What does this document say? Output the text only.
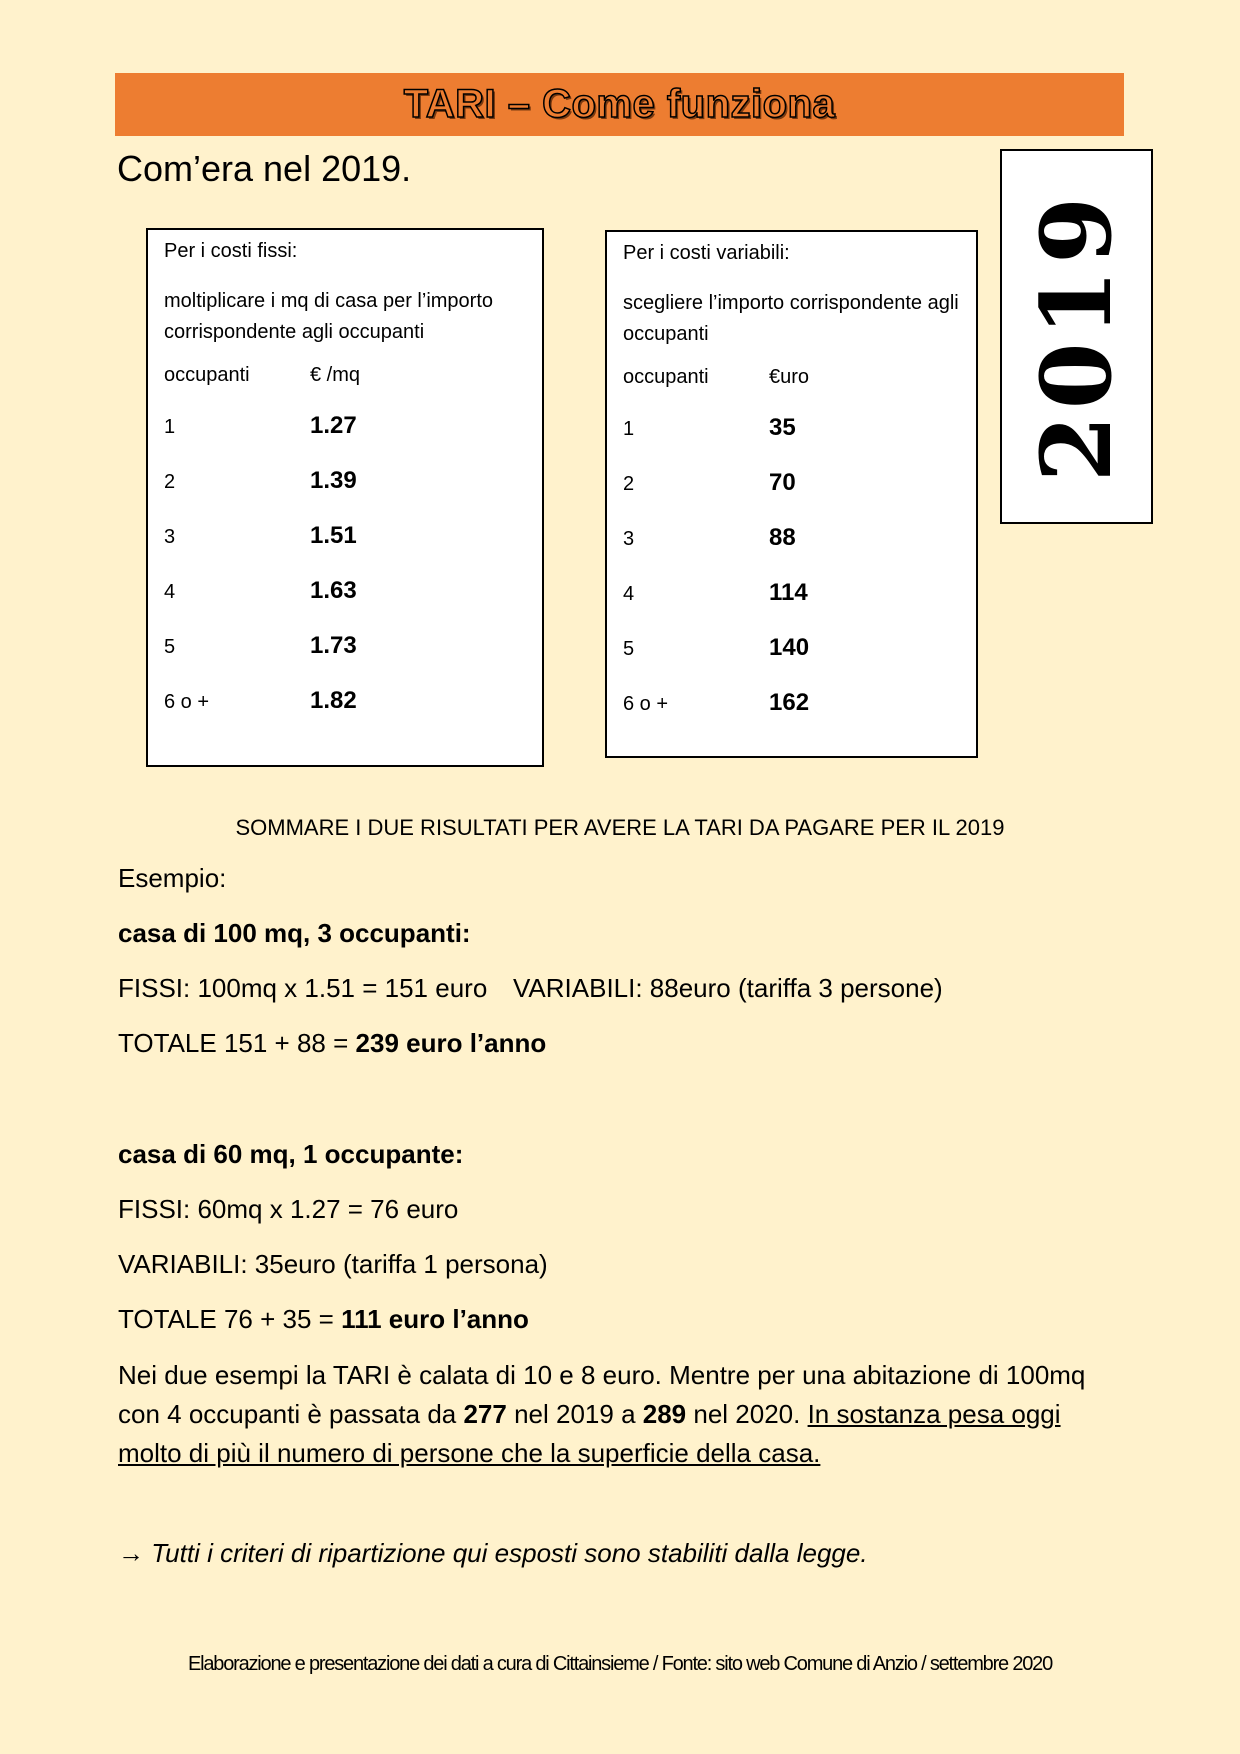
TARI – Come funziona
Com’era nel 2019.
2019
Per i costi fissi:
moltiplicare i mq di casa per l’importo corrispondente agli occupanti
occupanti	€ /mq
1	1.27
2	1.39
3	1.51
4	1.63
5	1.73
6 o +	1.82
Per i costi variabili:
scegliere l’importo corrispondente agli occupanti
occupanti	€uro
1	35
2	70
3	88
4	114
5	140
6 o +	162
SOMMARE I DUE RISULTATI PER AVERE LA TARI DA PAGARE PER IL 2019
Esempio:
casa di 100 mq, 3 occupanti:
FISSI: 100mq x 1.51 = 151 euro VARIABILI: 88euro (tariffa 3 persone)
TOTALE 151 + 88 = 239 euro l’anno
casa di 60 mq, 1 occupante:
FISSI: 60mq x 1.27 = 76 euro
VARIABILI: 35euro (tariffa 1 persona)
TOTALE 76 + 35 = 111 euro l’anno
Nei due esempi la TARI è calata di 10 e 8 euro. Mentre per una abitazione di 100mq con 4 occupanti è passata da 277 nel 2019 a 289 nel 2020. In sostanza pesa oggi molto di più il numero di persone che la superficie della casa.
→ Tutti i criteri di ripartizione qui esposti sono stabiliti dalla legge.
Elaborazione e presentazione dei dati a cura di Cittainsieme / Fonte: sito web Comune di Anzio / settembre 2020
